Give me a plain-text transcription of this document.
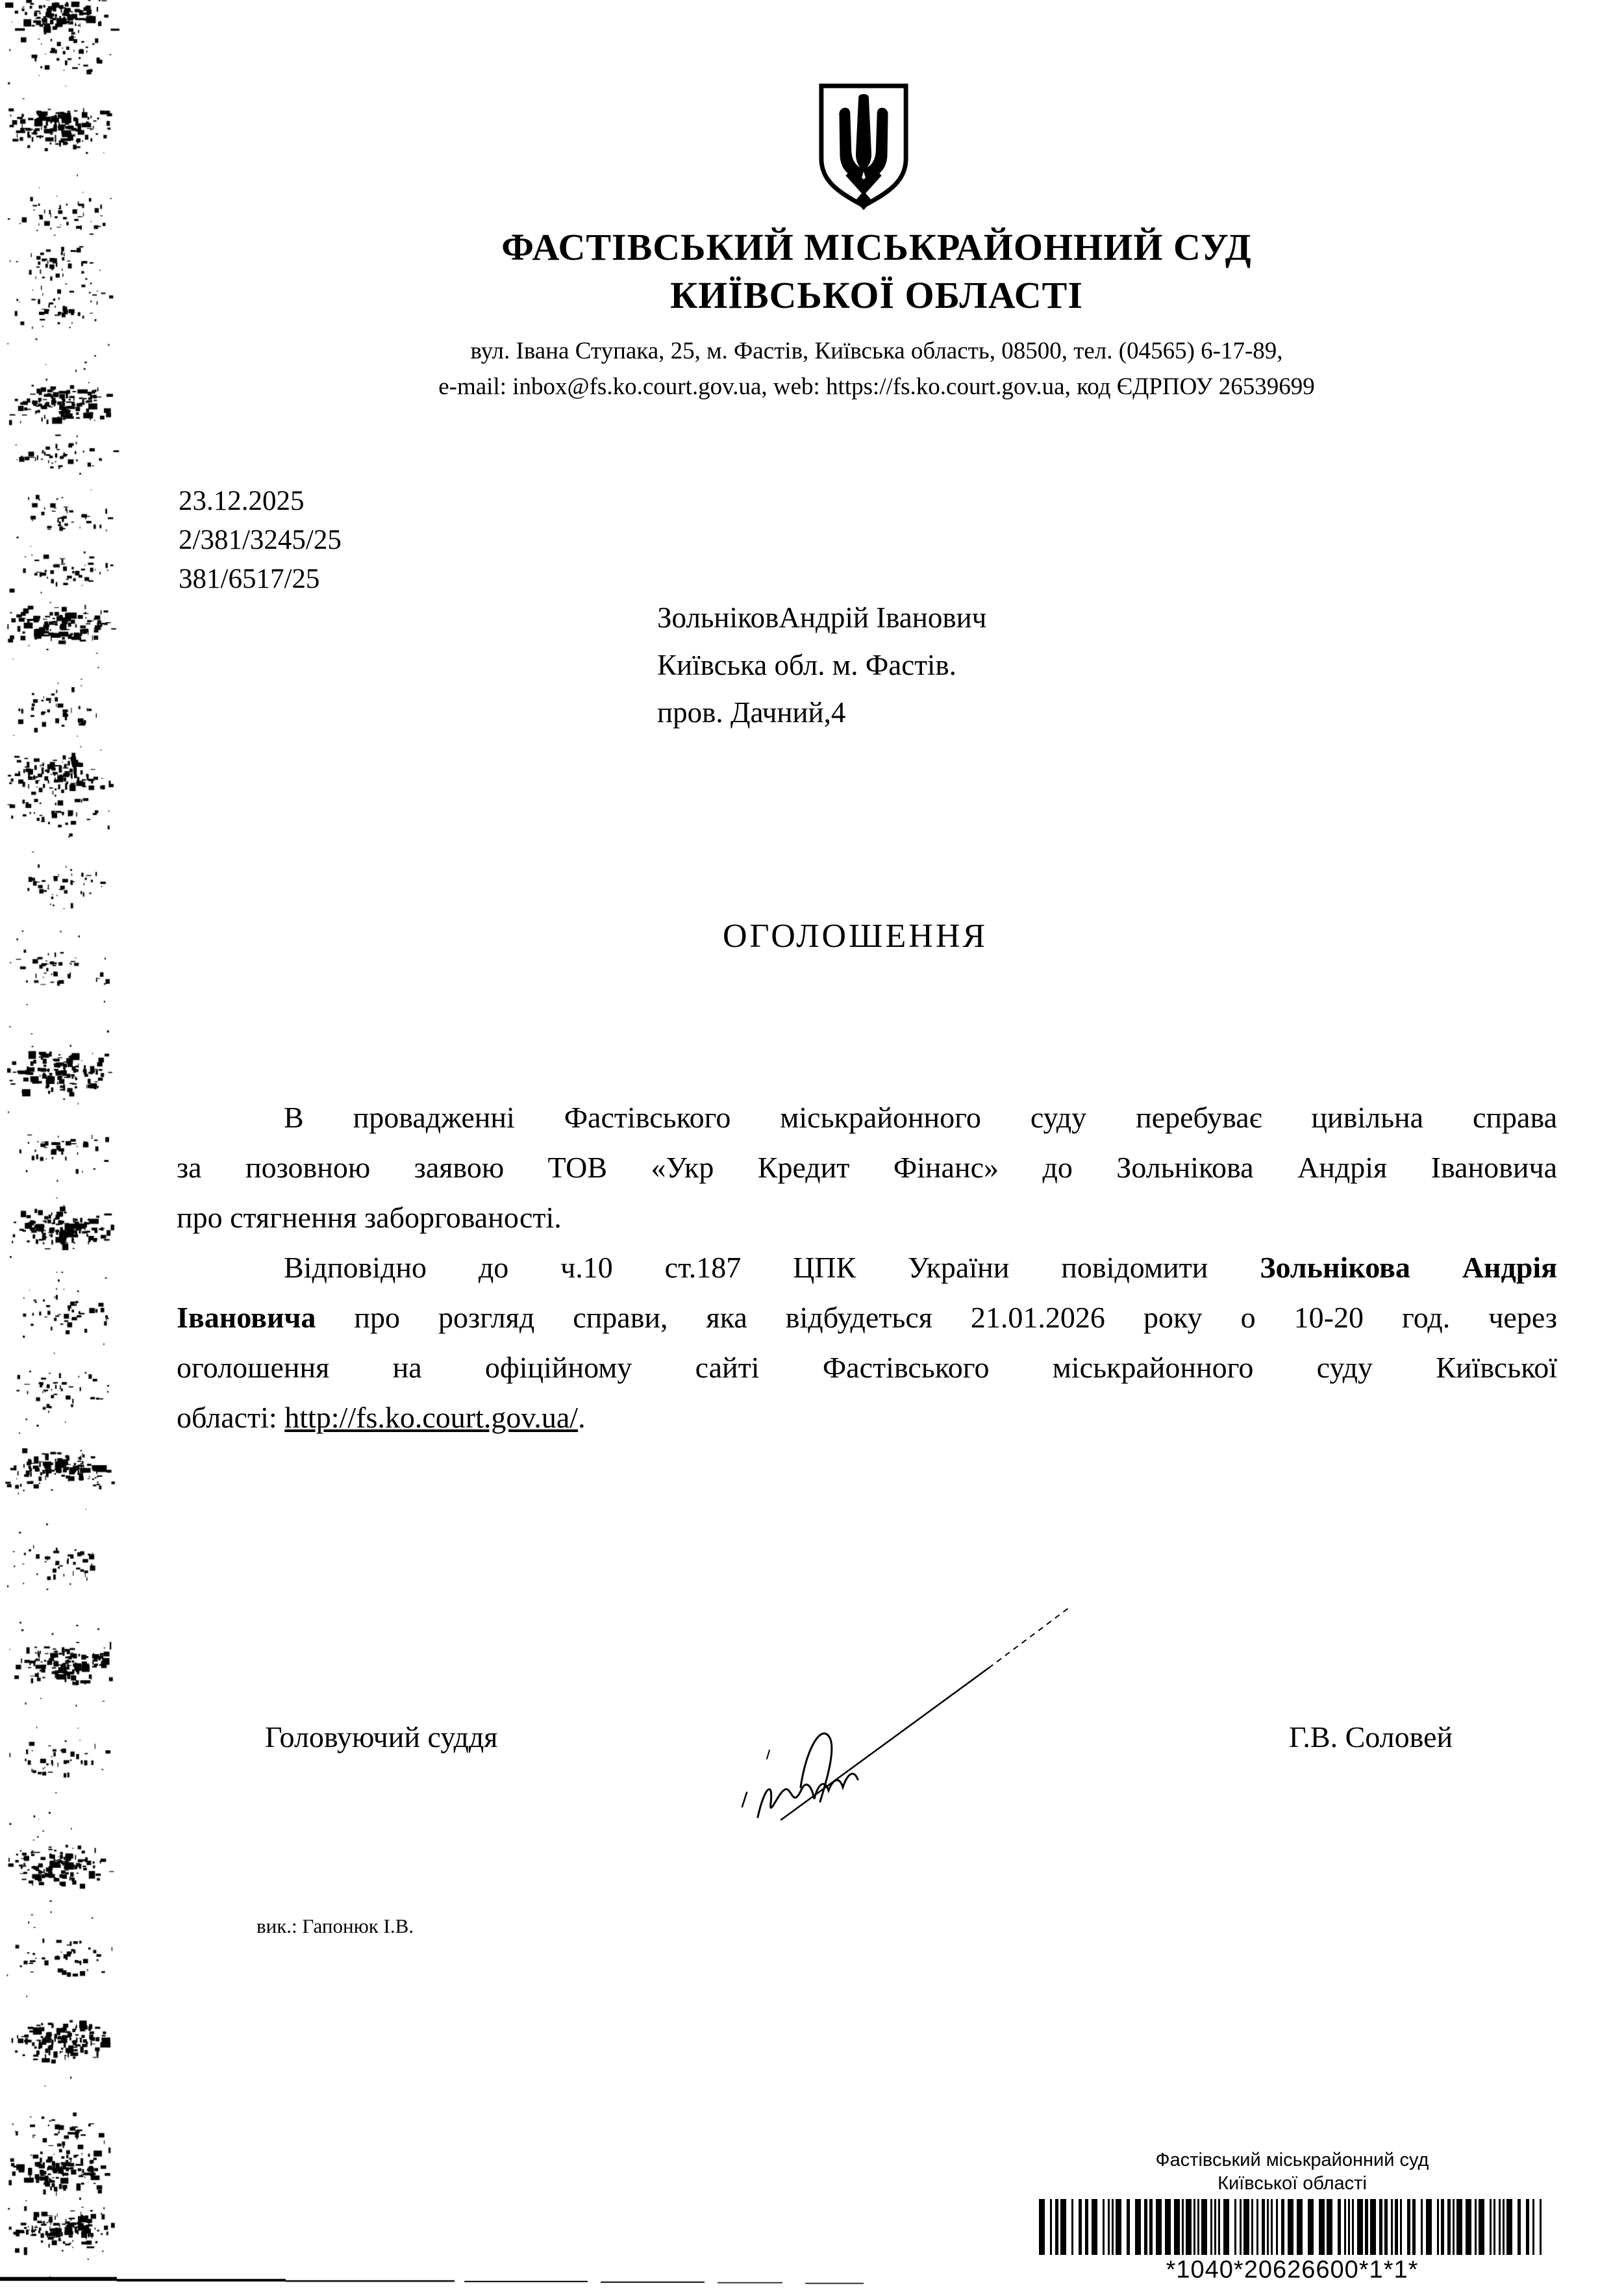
ФАСТІВСЬКИЙ МІСЬКРАЙОННИЙ СУД
КИЇВСЬКОЇ ОБЛАСТІ
вул. Івана Ступака, 25, м. Фастів, Київська область, 08500, тел. (04565) 6-17-89,
e-mail: inbox@fs.ko.court.gov.ua, web: https://fs.ko.court.gov.ua, код ЄДРПОУ 26539699
23.12.2025
2/381/3245/25
381/6517/25
ЗольніковАндрій Іванович
Київська обл. м. Фастів.
пров. Дачний,4
ОГОЛОШЕННЯ
В провадженні Фастівського міськрайонного суду перебуває цивільна справа
за позовною заявою ТОВ «Укр Кредит Фінанс» до Зольнікова Андрія Івановича
про стягнення заборгованості.
Відповідно до ч.10 ст.187 ЦПК України повідомити Зольнікова Андрія
Івановича про розгляд справи, яка відбудеться 21.01.2026 року о 10-20 год. через
оголошення на офіційному сайті Фастівського міськрайонного суду Київської
області: http://fs.ko.court.gov.ua/.
Головуючий суддя	Г.В. Соловей
вик.: Гапонюк І.В.
Фастівський міськрайонний суд
Київської області
*1040*20626600*1*1*
